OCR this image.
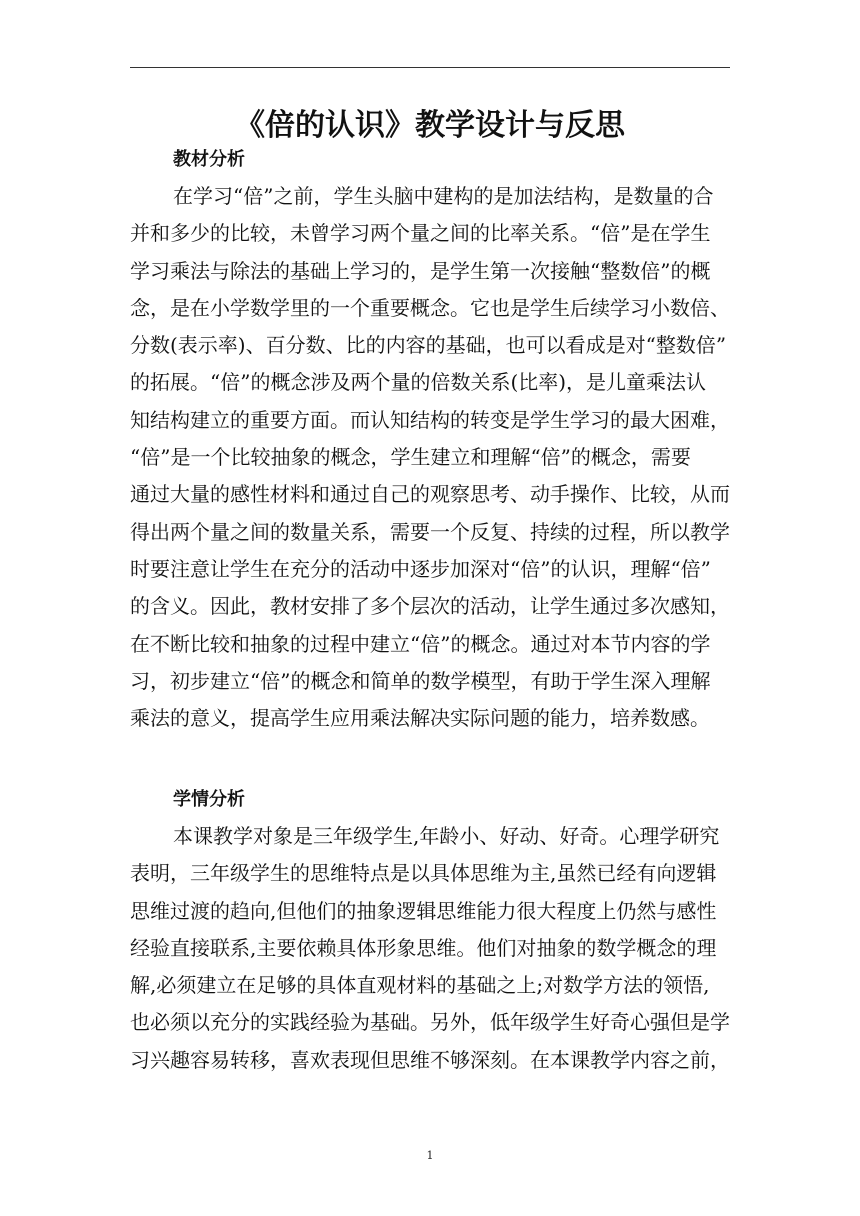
《倍的认识》教学设计与反思
教材分析
在学习“倍”之前，学生头脑中建构的是加法结构，是数量的合
并和多少的比较，未曾学习两个量之间的比率关系。“倍”是在学生
学习乘法与除法的基础上学习的，是学生第一次接触“整数倍”的概
念，是在小学数学里的一个重要概念。它也是学生后续学习小数倍、
分数(表示率)、百分数、比的内容的基础，也可以看成是对“整数倍”
的拓展。“倍”的概念涉及两个量的倍数关系(比率)，是儿童乘法认
知结构建立的重要方面。而认知结构的转变是学生学习的最大困难，
“倍”是一个比较抽象的概念，学生建立和理解“倍”的概念，需要
通过大量的感性材料和通过自己的观察思考、动手操作、比较，从而
得出两个量之间的数量关系，需要一个反复、持续的过程，所以教学
时要注意让学生在充分的活动中逐步加深对“倍”的认识，理解“倍”
的含义。因此，教材安排了多个层次的活动，让学生通过多次感知，
在不断比较和抽象的过程中建立“倍”的概念。通过对本节内容的学
习，初步建立“倍”的概念和简单的数学模型，有助于学生深入理解
乘法的意义，提高学生应用乘法解决实际问题的能力，培养数感。
学情分析
本课教学对象是三年级学生,年龄小、好动、好奇。心理学研究
表明，三年级学生的思维特点是以具体思维为主,虽然已经有向逻辑
思维过渡的趋向,但他们的抽象逻辑思维能力很大程度上仍然与感性
经验直接联系,主要依赖具体形象思维。他们对抽象的数学概念的理
解,必须建立在足够的具体直观材料的基础之上;对数学方法的领悟,
也必须以充分的实践经验为基础。另外，低年级学生好奇心强但是学
习兴趣容易转移，喜欢表现但思维不够深刻。在本课教学内容之前，
1
